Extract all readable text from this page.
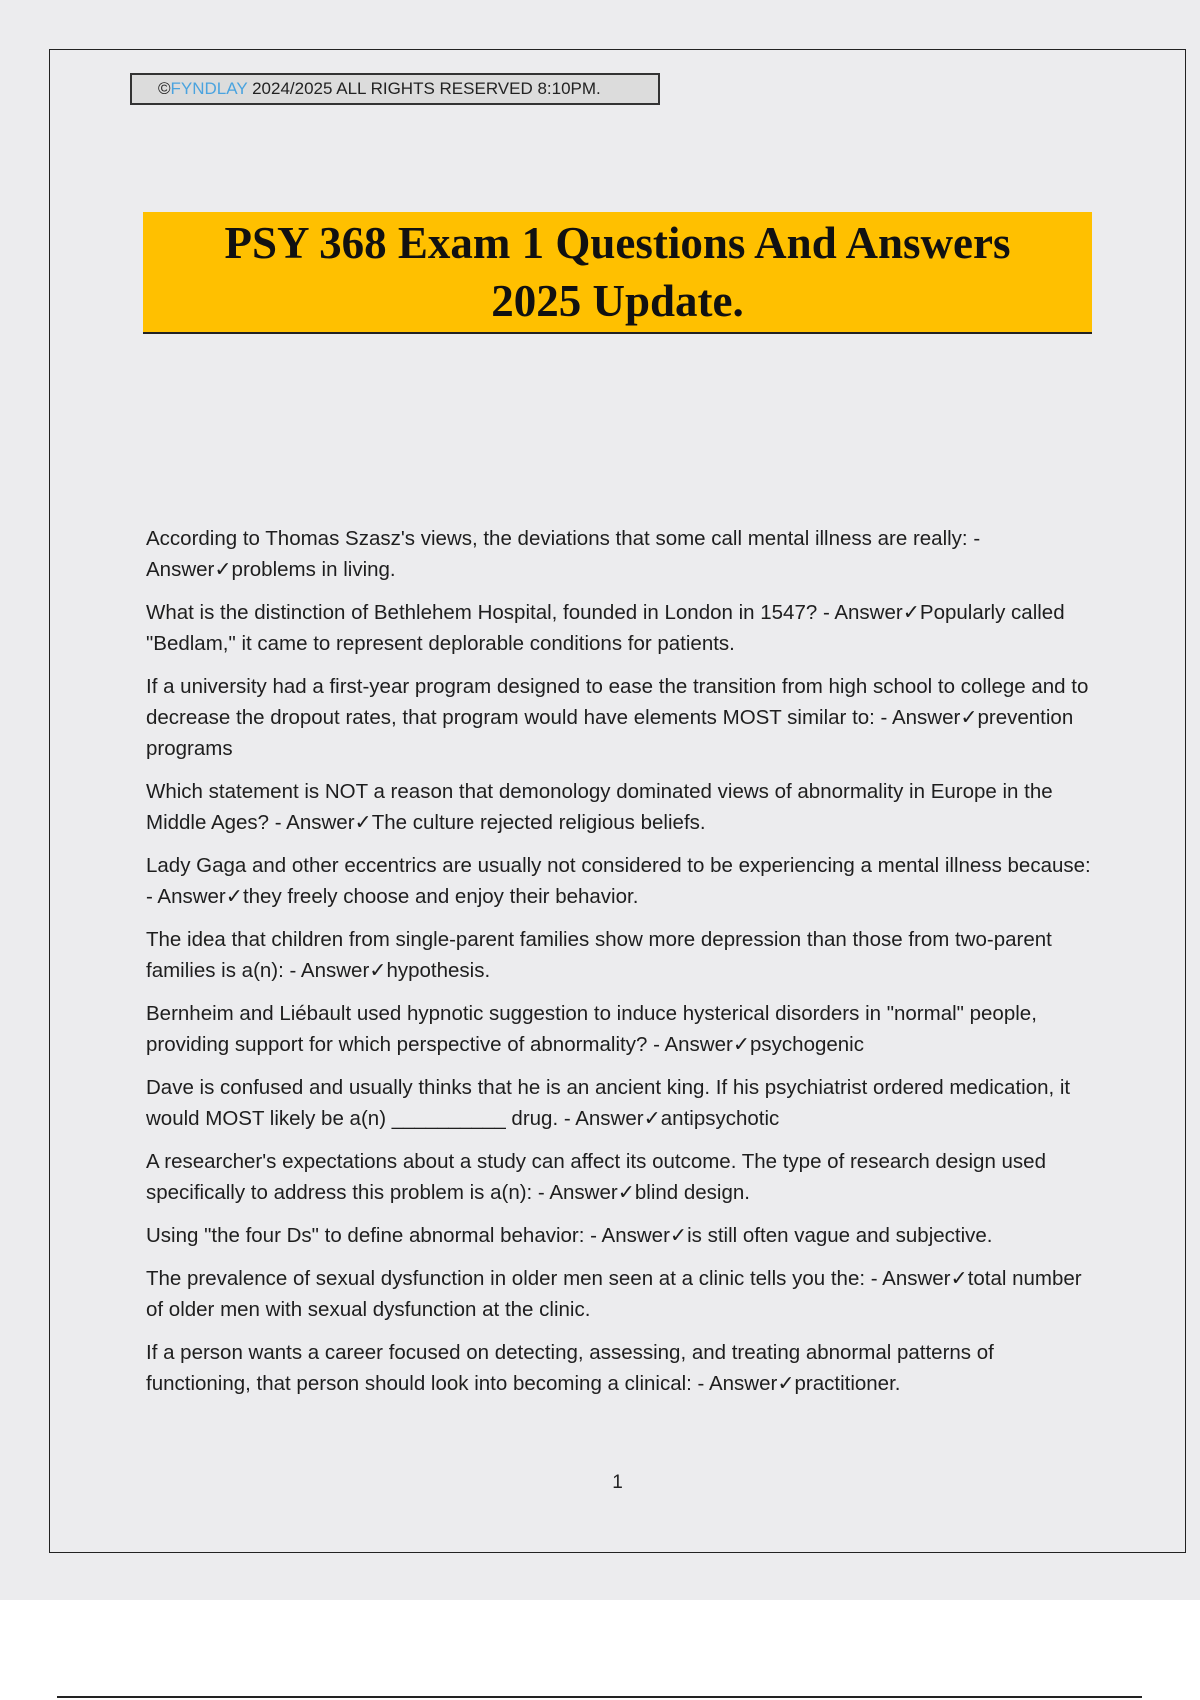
©FYNDLAY 2024/2025 ALL RIGHTS RESERVED 8:10PM.
PSY 368 Exam 1 Questions And Answers
2025 Update.

According to Thomas Szasz's views, the deviations that some call mental illness are really: - Answer✓problems in living.

What is the distinction of Bethlehem Hospital, founded in London in 1547? - Answer✓Popularly called "Bedlam," it came to represent deplorable conditions for patients.

If a university had a first-year program designed to ease the transition from high school to college and to decrease the dropout rates, that program would have elements MOST similar to: - Answer✓prevention programs

Which statement is NOT a reason that demonology dominated views of abnormality in Europe in the Middle Ages? - Answer✓The culture rejected religious beliefs.

Lady Gaga and other eccentrics are usually not considered to be experiencing a mental illness because: - Answer✓they freely choose and enjoy their behavior.

The idea that children from single-parent families show more depression than those from two-parent families is a(n): - Answer✓hypothesis.

Bernheim and Liébault used hypnotic suggestion to induce hysterical disorders in "normal" people, providing support for which perspective of abnormality? - Answer✓psychogenic

Dave is confused and usually thinks that he is an ancient king. If his psychiatrist ordered medication, it would MOST likely be a(n) __________ drug. - Answer✓antipsychotic

A researcher's expectations about a study can affect its outcome. The type of research design used specifically to address this problem is a(n): - Answer✓blind design.

Using "the four Ds" to define abnormal behavior: - Answer✓is still often vague and subjective.

The prevalence of sexual dysfunction in older men seen at a clinic tells you the: - Answer✓total number of older men with sexual dysfunction at the clinic.

If a person wants a career focused on detecting, assessing, and treating abnormal patterns of functioning, that person should look into becoming a clinical: - Answer✓practitioner.

1
